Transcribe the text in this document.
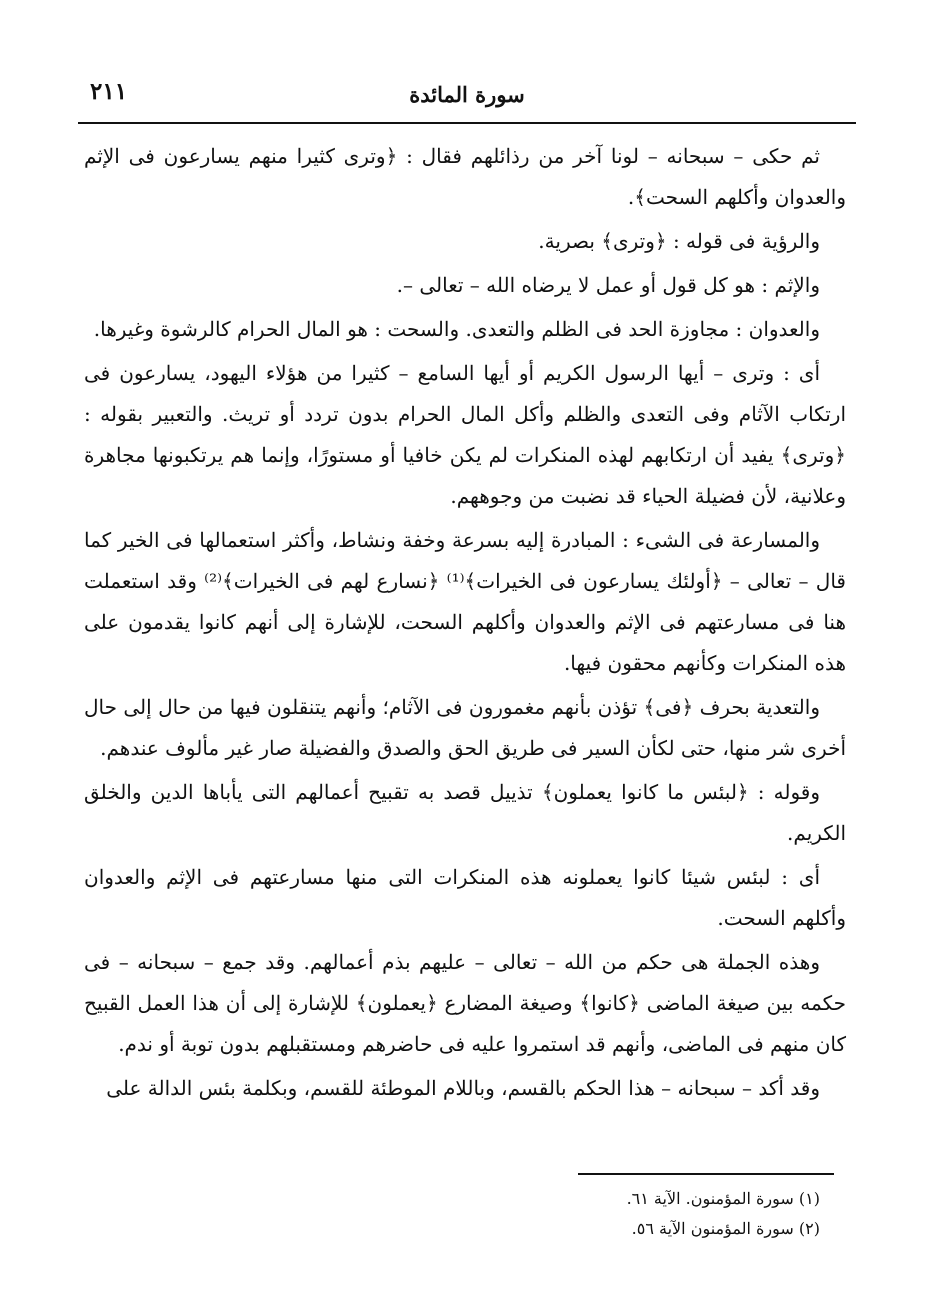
٢١١	سورة المائدة

ثم حكى – سبحانه – لونا آخر من رذائلهم فقال : ﴿وترى كثيرا منهم يسارعون فى الإثم والعدوان وأكلهم السحت﴾.

والرؤية فى قوله : ﴿وترى﴾ بصرية.

والإثم : هو كل قول أو عمل لا يرضاه الله – تعالى –.

والعدوان : مجاوزة الحد فى الظلم والتعدى. والسحت : هو المال الحرام كالرشوة وغيرها.

أى : وترى – أيها الرسول الكريم أو أيها السامع – كثيرا من هؤلاء اليهود، يسارعون فى ارتكاب الآثام وفى التعدى والظلم وأكل المال الحرام بدون تردد أو تريث. والتعبير بقوله : ﴿وترى﴾ يفيد أن ارتكابهم لهذه المنكرات لم يكن خافيا أو مستورًا، وإنما هم يرتكبونها مجاهرة وعلانية، لأن فضيلة الحياء قد نضبت من وجوههم.

والمسارعة فى الشىء : المبادرة إليه بسرعة وخفة ونشاط، وأكثر استعمالها فى الخير كما قال – تعالى – ﴿أولئك يسارعون فى الخيرات﴾⁽¹⁾ ﴿نسارع لهم فى الخيرات﴾⁽²⁾ وقد استعملت هنا فى مسارعتهم فى الإثم والعدوان وأكلهم السحت، للإشارة إلى أنهم كانوا يقدمون على هذه المنكرات وكأنهم محقون فيها.

والتعدية بحرف ﴿فى﴾ تؤذن بأنهم مغمورون فى الآثام؛ وأنهم يتنقلون فيها من حال إلى حال أخرى شر منها، حتى لكأن السير فى طريق الحق والصدق والفضيلة صار غير مألوف عندهم.

وقوله : ﴿لبئس ما كانوا يعملون﴾ تذييل قصد به تقبيح أعمالهم التى يأباها الدين والخلق الكريم.

أى : لبئس شيئا كانوا يعملونه هذه المنكرات التى منها مسارعتهم فى الإثم والعدوان وأكلهم السحت.

وهذه الجملة هى حكم من الله – تعالى – عليهم بذم أعمالهم. وقد جمع – سبحانه – فى حكمه بين صيغة الماضى ﴿كانوا﴾ وصيغة المضارع ﴿يعملون﴾ للإشارة إلى أن هذا العمل القبيح كان منهم فى الماضى، وأنهم قد استمروا عليه فى حاضرهم ومستقبلهم بدون توبة أو ندم.

وقد أكد – سبحانه – هذا الحكم بالقسم، وباللام الموطئة للقسم، وبكلمة بئس الدالة على

(١) سورة المؤمنون. الآية ٦١.
(٢) سورة المؤمنون الآية ٥٦.
